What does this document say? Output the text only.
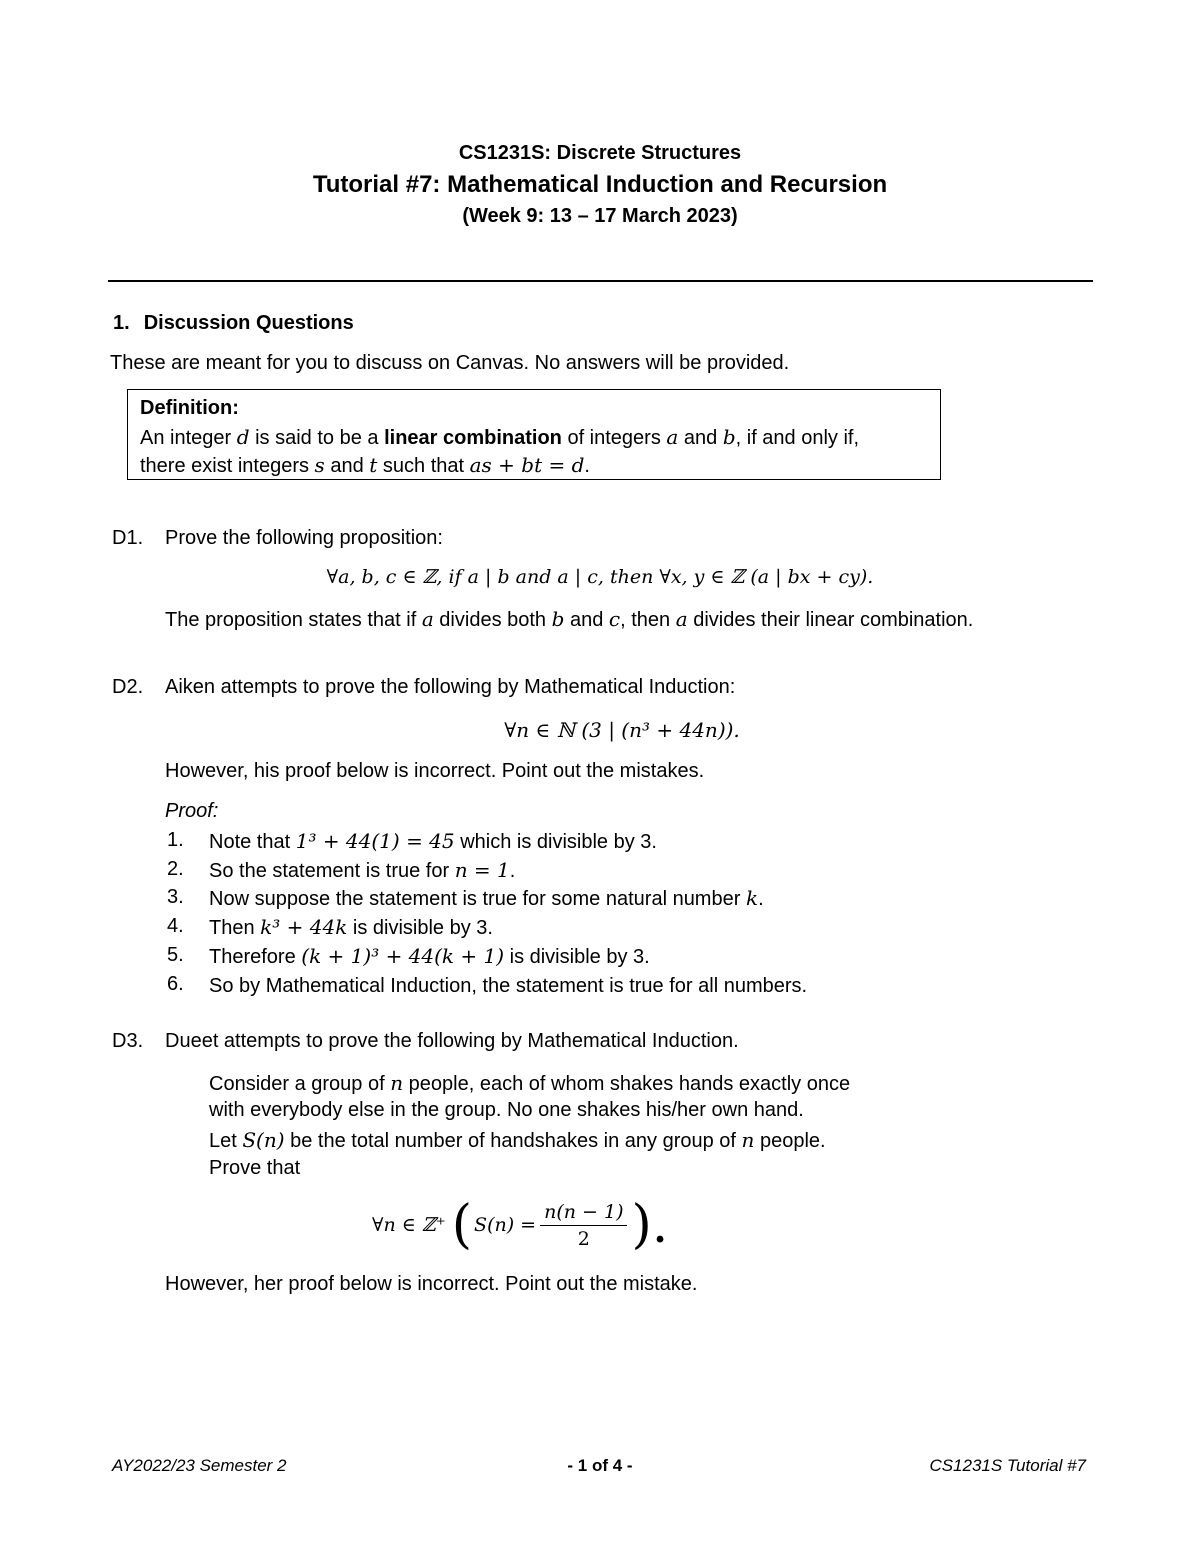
CS1231S: Discrete Structures
Tutorial #7: Mathematical Induction and Recursion
(Week 9: 13 – 17 March 2023)
1. Discussion Questions
These are meant for you to discuss on Canvas. No answers will be provided.
Definition:
An integer d is said to be a linear combination of integers a and b, if and only if,
there exist integers s and t such that as + bt = d.
D1. Prove the following proposition:
∀a, b, c ∈ ℤ, if a | b and a | c, then ∀x, y ∈ ℤ (a | bx + cy).
The proposition states that if a divides both b and c, then a divides their linear combination.
D2. Aiken attempts to prove the following by Mathematical Induction:
∀n ∈ ℕ (3 | (n³ + 44n)).
However, his proof below is incorrect. Point out the mistakes.
Proof:
1. Note that 1³ + 44(1) = 45 which is divisible by 3.
2. So the statement is true for n = 1.
3. Now suppose the statement is true for some natural number k.
4. Then k³ + 44k is divisible by 3.
5. Therefore (k + 1)³ + 44(k + 1) is divisible by 3.
6. So by Mathematical Induction, the statement is true for all numbers.
D3. Dueet attempts to prove the following by Mathematical Induction.
Consider a group of n people, each of whom shakes hands exactly once
with everybody else in the group. No one shakes his/her own hand.
Let S(n) be the total number of handshakes in any group of n people.
Prove that
∀n ∈ ℤ⁺ ( $S(n) = \frac{n(n - 1)}{2}$ ).
However, her proof below is incorrect. Point out the mistake.
AY2022/23 Semester 2	- 1 of 4 -	CS1231S Tutorial #7
